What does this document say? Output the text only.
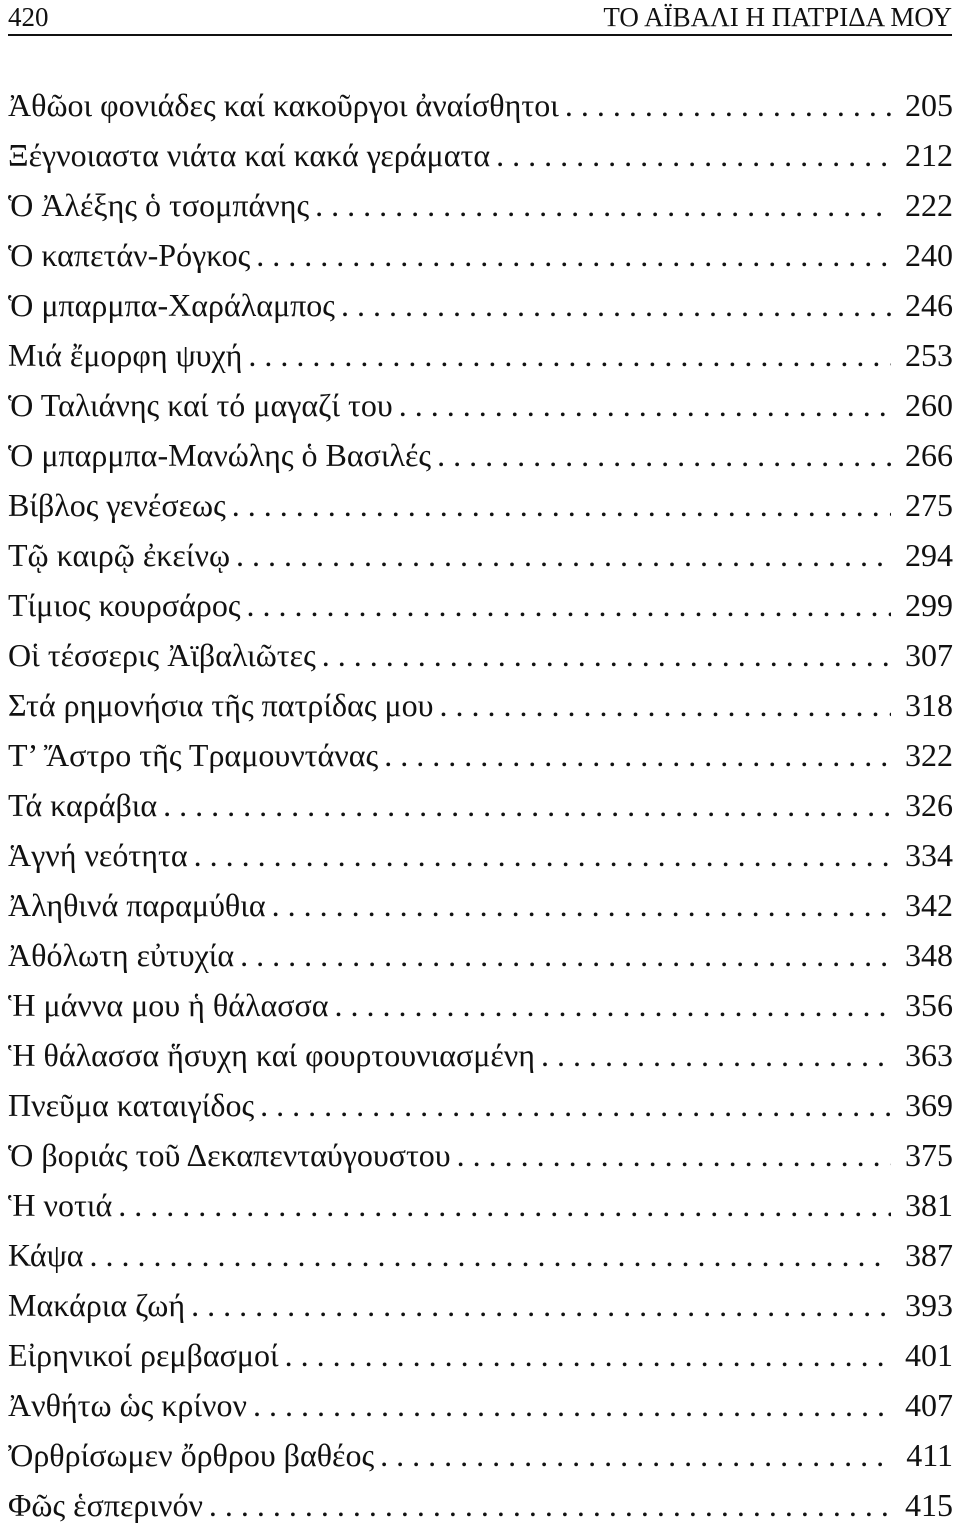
420	ΤΟ ΑΪΒΑΛΙ Η ΠΑΤΡΙΔΑ ΜΟΥ
Ἀθῶοι φονιάδες καί κακοῦργοι ἀναίσθητοι . . .	205
Ξέγνοιαστα νιάτα καί κακά γεράματα . . .	212
Ὁ Ἀλέξης ὁ τσομπάνης . . .	222
Ὁ καπετάν-Ρόγκος . . .	240
Ὁ μπαρμπα-Χαράλαμπος . . .	246
Μιά ἔμορφη ψυχή . . .	253
Ὁ Ταλιάνης καί τό μαγαζί του . . .	260
Ὁ μπαρμπα-Μανώλης ὁ Βασιλές . . .	266
Βίβλος γενέσεως . . .	275
Τῷ καιρῷ ἐκείνῳ . . .	294
Τίμιος κουρσάρος . . .	299
Οἱ τέσσερις Ἀϊβαλιῶτες . . .	307
Στά ρημονήσια τῆς πατρίδας μου . . .	318
Τ’ Ἄστρο τῆς Τραμουντάνας . . .	322
Τά καράβια . . .	326
Ἁγνή νεότητα . . .	334
Ἀληθινά παραμύθια . . .	342
Ἀθόλωτη εὐτυχία . . .	348
Ἡ μάννα μου ἡ θάλασσα . . .	356
Ἡ θάλασσα ἥσυχη καί φουρτουνιασμένη . . .	363
Πνεῦμα καταιγίδος . . .	369
Ὁ βοριάς τοῦ Δεκαπενταύγουστου . . .	375
Ἡ νοτιά . . .	381
Κάψα . . .	387
Μακάρια ζωή . . .	393
Εἰρηνικοί ρεμβασμοί . . .	401
Ἀνθήτω ὡς κρίνον . . .	407
Ὀρθρίσωμεν ὄρθρου βαθέος . . .	411
Φῶς ἑσπερινόν . . .	415
